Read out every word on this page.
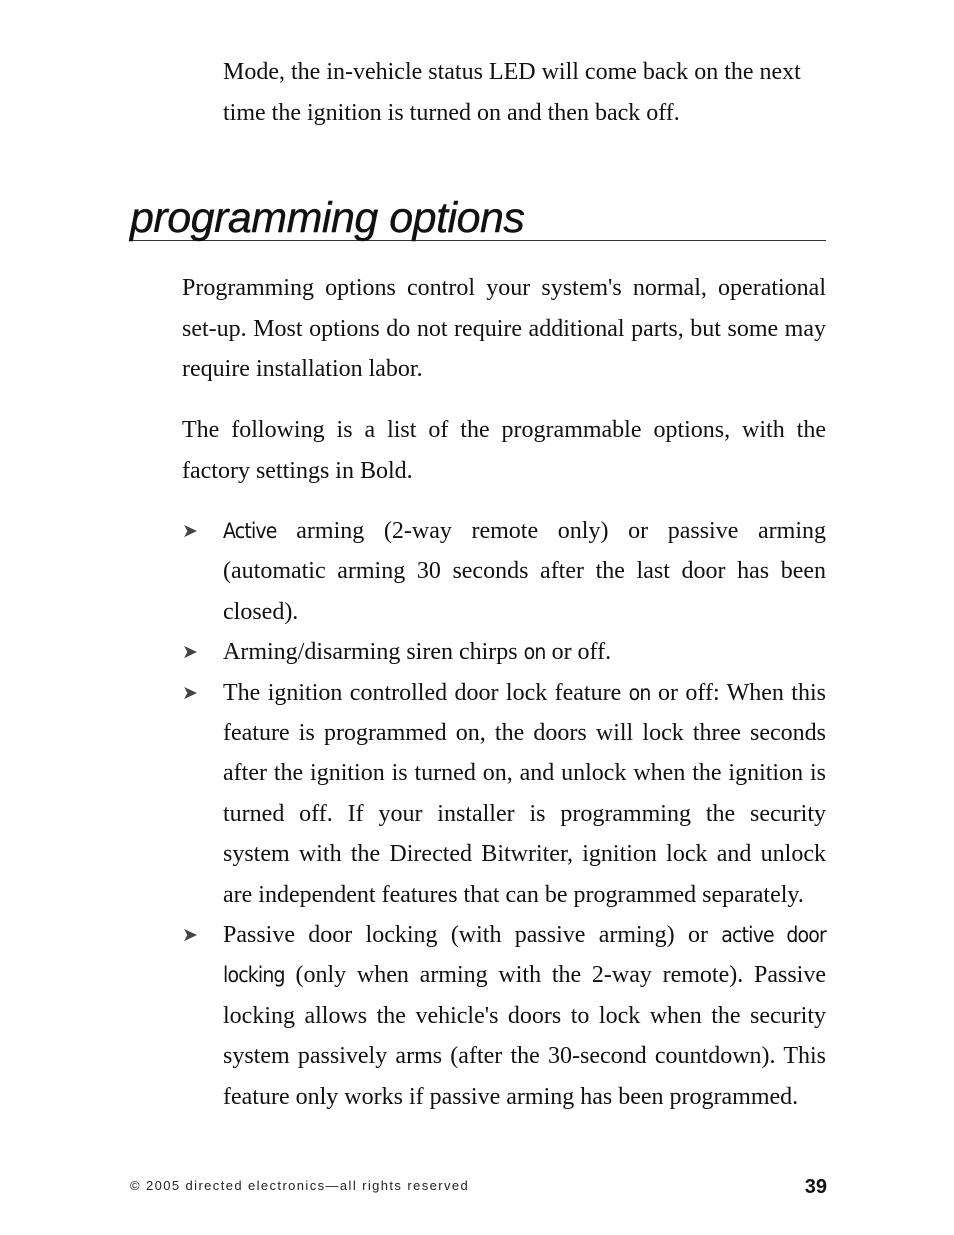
Mode, the in-vehicle status LED will come back on the next time the ignition is turned on and then back off.

programming options

Programming options control your system's normal, operational set-up. Most options do not require additional parts, but some may require installation labor.

The following is a list of the programmable options, with the factory settings in Bold.

➤ Active arming (2-way remote only) or passive arming (automatic arming 30 seconds after the last door has been closed).
➤ Arming/disarming siren chirps on or off.
➤ The ignition controlled door lock feature on or off: When this feature is programmed on, the doors will lock three seconds after the ignition is turned on, and unlock when the ignition is turned off. If your installer is programming the security system with the Directed Bitwriter, ignition lock and unlock are independent features that can be programmed separately.
➤ Passive door locking (with passive arming) or active door locking (only when arming with the 2-way remote). Passive locking allows the vehicle's doors to lock when the security system passively arms (after the 30-second countdown). This feature only works if passive arming has been programmed.
© 2005 directed electronics—all rights reserved	39
